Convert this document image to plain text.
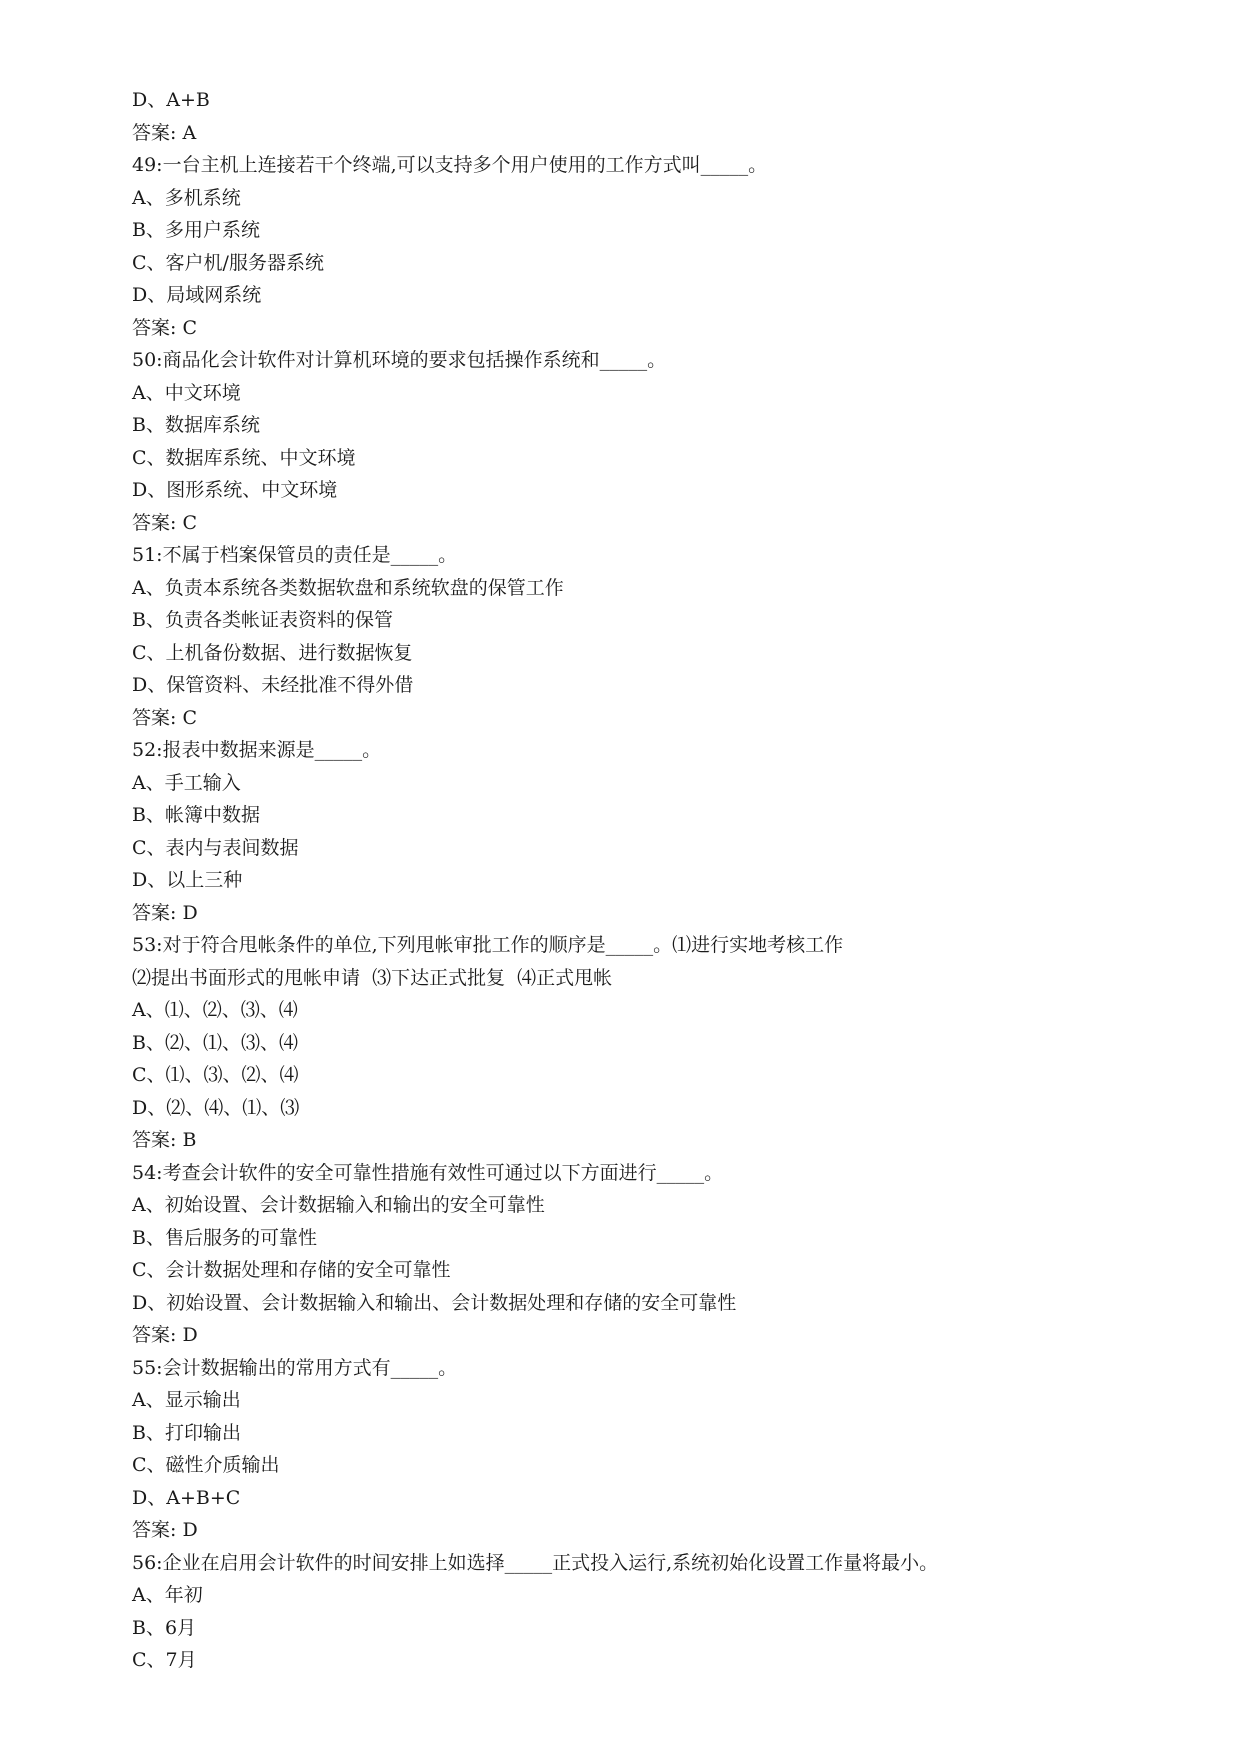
D、A+B
答案: A
49:一台主机上连接若干个终端,可以支持多个用户使用的工作方式叫_____。
A、多机系统
B、多用户系统
C、客户机/服务器系统
D、局域网系统
答案: C
50:商品化会计软件对计算机环境的要求包括操作系统和_____。
A、中文环境
B、数据库系统
C、数据库系统、中文环境
D、图形系统、中文环境
答案: C
51:不属于档案保管员的责任是_____。
A、负责本系统各类数据软盘和系统软盘的保管工作
B、负责各类帐证表资料的保管
C、上机备份数据、进行数据恢复
D、保管资料、未经批准不得外借
答案: C
52:报表中数据来源是_____。
A、手工输入
B、帐簿中数据
C、表内与表间数据
D、以上三种
答案: D
53:对于符合甩帐条件的单位,下列甩帐审批工作的顺序是_____。⑴进行实地考核工作
⑵提出书面形式的甩帐申请  ⑶下达正式批复  ⑷正式甩帐
A、⑴、⑵、⑶、⑷
B、⑵、⑴、⑶、⑷
C、⑴、⑶、⑵、⑷
D、⑵、⑷、⑴、⑶
答案: B
54:考查会计软件的安全可靠性措施有效性可通过以下方面进行_____。
A、初始设置、会计数据输入和输出的安全可靠性
B、售后服务的可靠性
C、会计数据处理和存储的安全可靠性
D、初始设置、会计数据输入和输出、会计数据处理和存储的安全可靠性
答案: D
55:会计数据输出的常用方式有_____。
A、显示输出
B、打印输出
C、磁性介质输出
D、A+B+C
答案: D
56:企业在启用会计软件的时间安排上如选择_____正式投入运行,系统初始化设置工作量将最小。
A、年初
B、6月
C、7月
